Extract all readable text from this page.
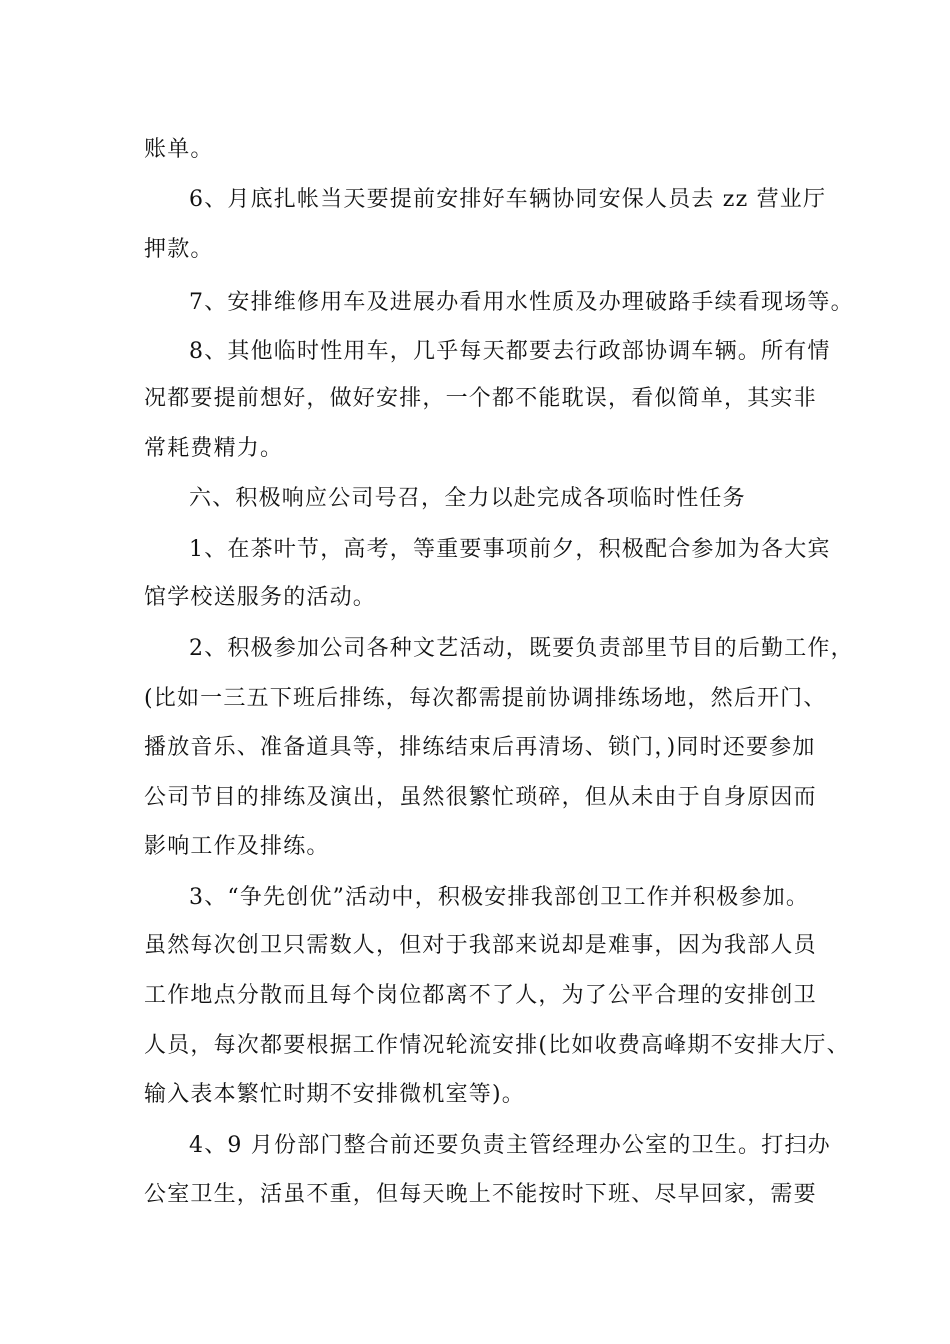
账单。
6、月底扎帐当天要提前安排好车辆协同安保人员去 zz 营业厅
押款。
7、安排维修用车及进展办看用水性质及办理破路手续看现场等。
8、其他临时性用车，几乎每天都要去行政部协调车辆。所有情
况都要提前想好，做好安排，一个都不能耽误，看似简单，其实非
常耗费精力。
六、积极响应公司号召，全力以赴完成各项临时性任务
1、在茶叶节，高考，等重要事项前夕，积极配合参加为各大宾
馆学校送服务的活动。
2、积极参加公司各种文艺活动，既要负责部里节目的后勤工作，
(比如一三五下班后排练，每次都需提前协调排练场地，然后开门、
播放音乐、准备道具等，排练结束后再清场、锁门，)同时还要参加
公司节目的排练及演出，虽然很繁忙琐碎，但从未由于自身原因而
影响工作及排练。
3、“争先创优”活动中，积极安排我部创卫工作并积极参加。
虽然每次创卫只需数人，但对于我部来说却是难事，因为我部人员
工作地点分散而且每个岗位都离不了人，为了公平合理的安排创卫
人员，每次都要根据工作情况轮流安排(比如收费高峰期不安排大厅、
输入表本繁忙时期不安排微机室等)。
4、9 月份部门整合前还要负责主管经理办公室的卫生。打扫办
公室卫生，活虽不重，但每天晚上不能按时下班、尽早回家，需要
